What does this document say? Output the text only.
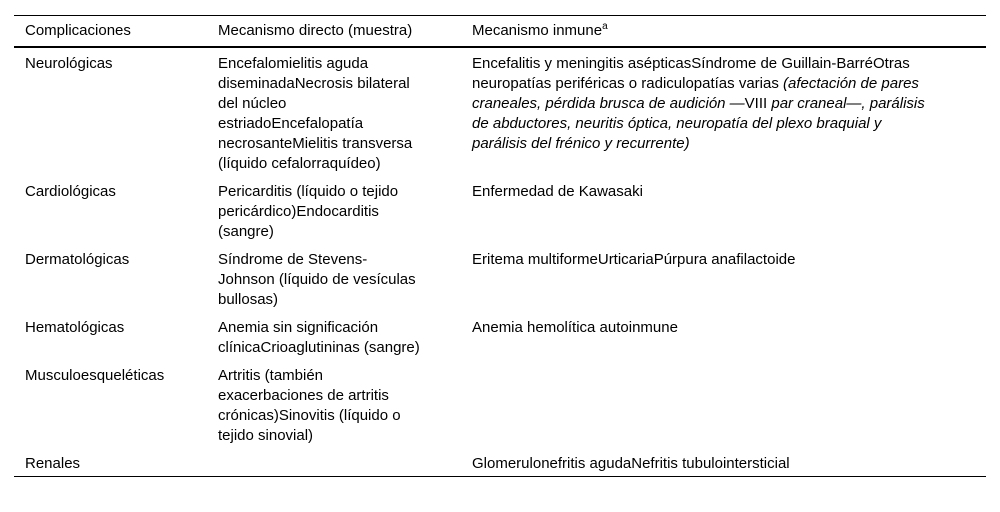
Complicaciones	Mecanismo directo (muestra)	Mecanismo inmune$^a$
Neurológicas	Encefalomielitis aguda diseminadaNecrosis bilateral del núcleo estriadoEncefalopatía necrosanteMielitis transversa (líquido cefalorraquídeo)	Encefalitis y meningitis asépticasSíndrome de Guillain-BarréOtras neuropatías periféricas o radiculopatías varias (afectación de pares craneales, pérdida brusca de audición —VIII par craneal—, parálisis de abductores, neuritis óptica, neuropatía del plexo braquial y parálisis del frénico y recurrente)
Cardiológicas	Pericarditis (líquido o tejido pericárdico)Endocarditis (sangre)	Enfermedad de Kawasaki
Dermatológicas	Síndrome de Stevens-Johnson (líquido de vesículas bullosas)	Eritema multiformeUrticariaPúrpura anafilactoide
Hematológicas	Anemia sin significación clínicaCrioaglutininas (sangre)	Anemia hemolítica autoinmune
Musculoesqueléticas	Artritis (también exacerbaciones de artritis crónicas)Sinovitis (líquido o tejido sinovial)	
Renales		Glomerulonefritis agudaNefritis tubulointersticial
